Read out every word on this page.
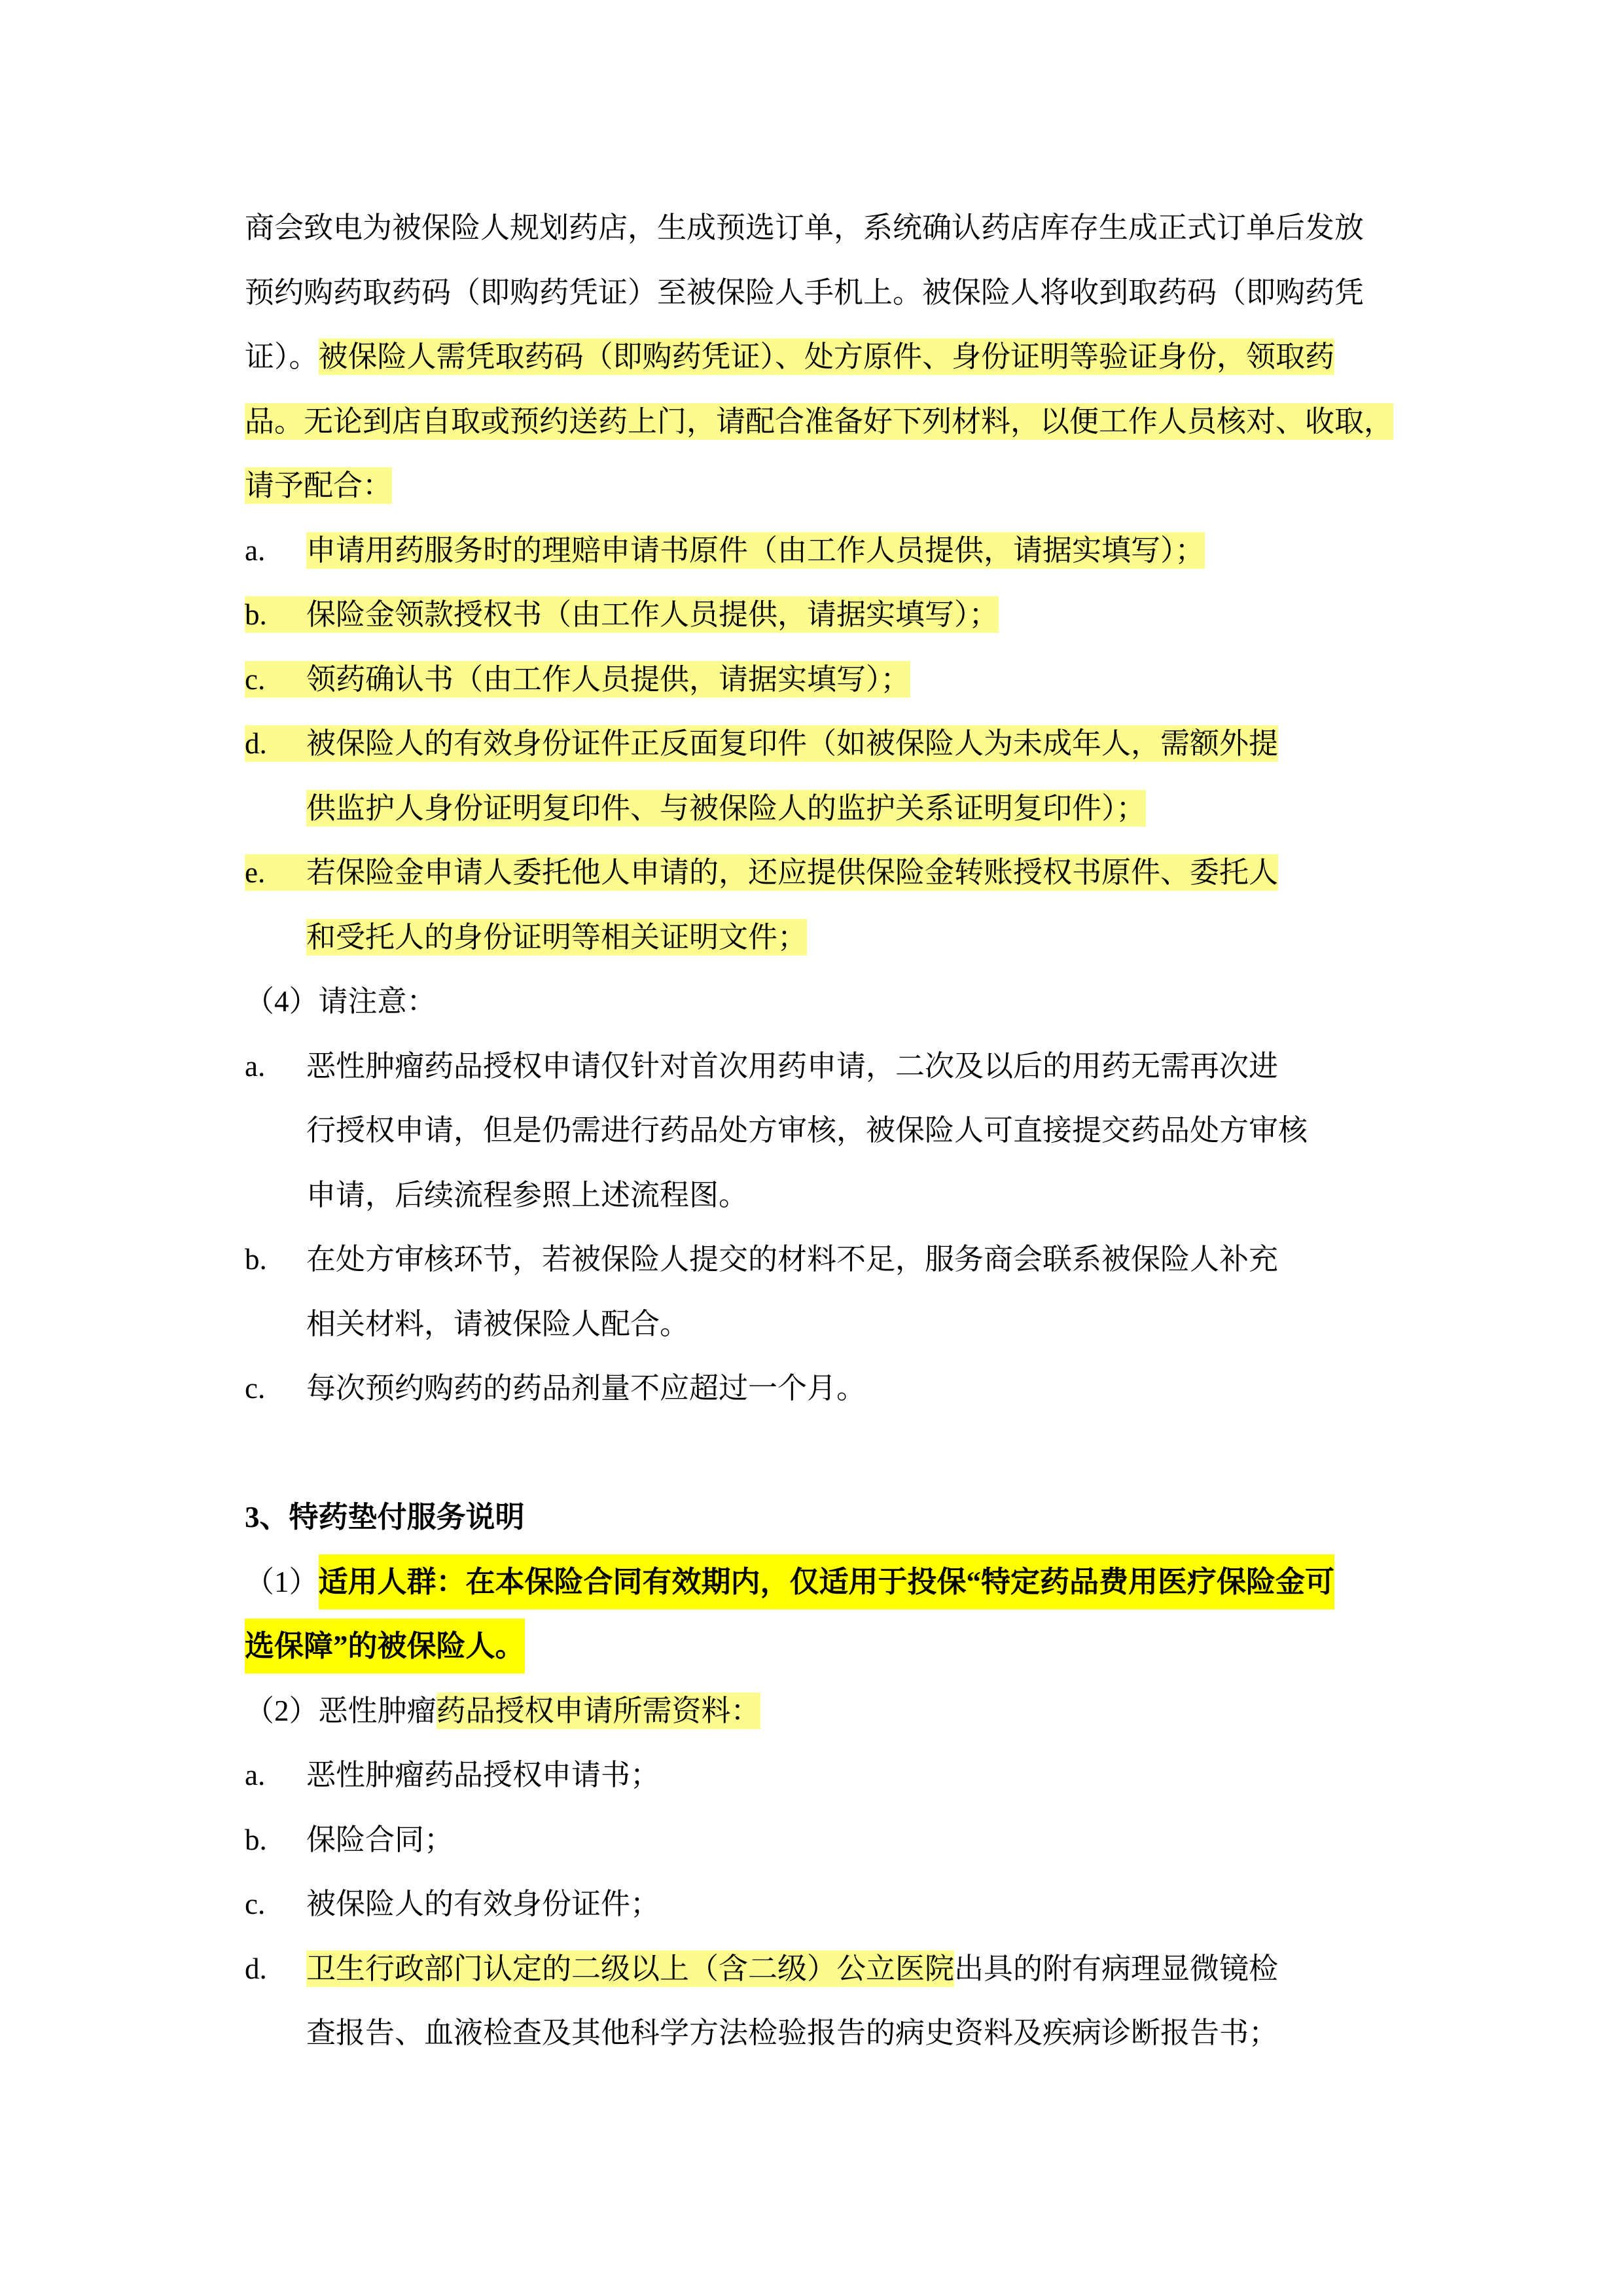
商会致电为被保险人规划药店，生成预选订单，系统确认药店库存生成正式订单后发放
预约购药取药码（即购药凭证）至被保险人手机上。被保险人将收到取药码（即购药凭
证）。被保险人需凭取药码（即购药凭证）、处方原件、身份证明等验证身份，领取药
品。无论到店自取或预约送药上门，请配合准备好下列材料，以便工作人员核对、收取，
请予配合：
a. 申请用药服务时的理赔申请书原件（由工作人员提供，请据实填写）；
b. 保险金领款授权书（由工作人员提供，请据实填写）；
c. 领药确认书（由工作人员提供，请据实填写）；
d. 被保险人的有效身份证件正反面复印件（如被保险人为未成年人，需额外提
供监护人身份证明复印件、与被保险人的监护关系证明复印件）；
e. 若保险金申请人委托他人申请的，还应提供保险金转账授权书原件、委托人
和受托人的身份证明等相关证明文件；
（4）请注意：
a. 恶性肿瘤药品授权申请仅针对首次用药申请，二次及以后的用药无需再次进
行授权申请，但是仍需进行药品处方审核，被保险人可直接提交药品处方审核
申请，后续流程参照上述流程图。
b. 在处方审核环节，若被保险人提交的材料不足，服务商会联系被保险人补充
相关材料，请被保险人配合。
c. 每次预约购药的药品剂量不应超过一个月。
3、特药垫付服务说明
（1）适用人群：在本保险合同有效期内，仅适用于投保“特定药品费用医疗保险金可
选保障”的被保险人。
（2）恶性肿瘤药品授权申请所需资料：
a. 恶性肿瘤药品授权申请书；
b. 保险合同；
c. 被保险人的有效身份证件；
d. 卫生行政部门认定的二级以上（含二级）公立医院出具的附有病理显微镜检
查报告、血液检查及其他科学方法检验报告的病史资料及疾病诊断报告书；
